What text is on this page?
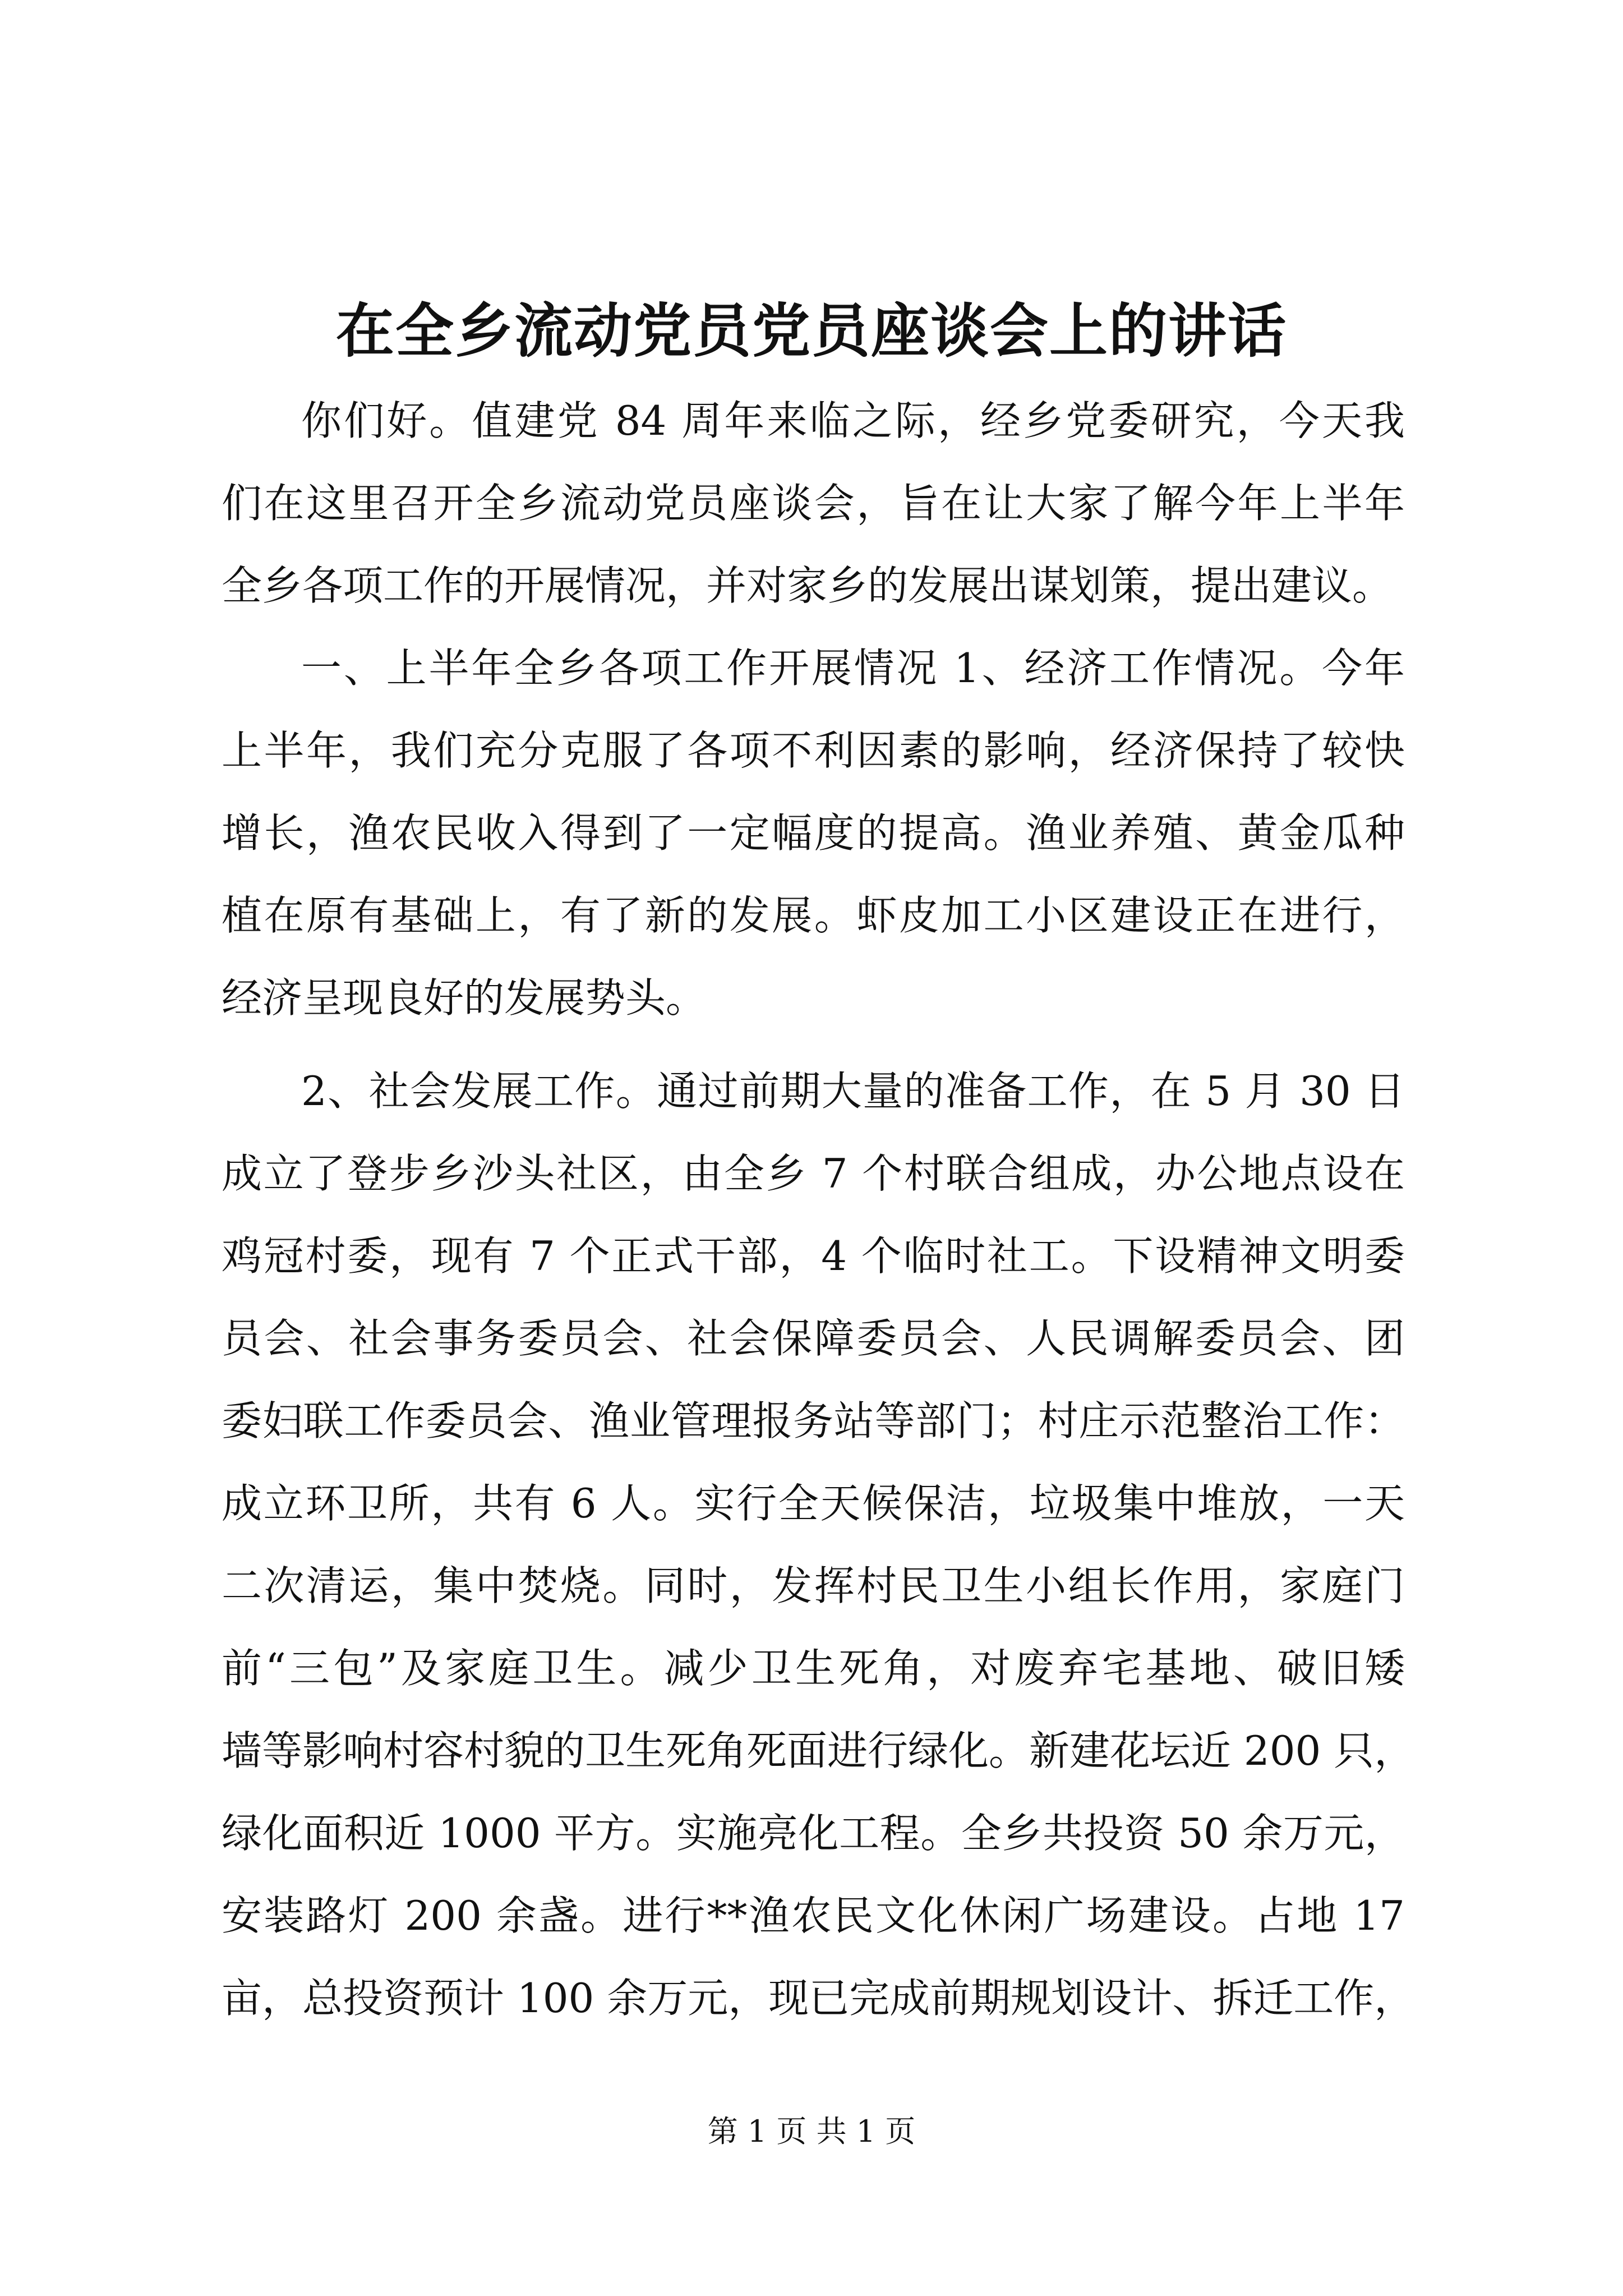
在全乡流动党员党员座谈会上的讲话
你们好。值建党 84 周年来临之际，经乡党委研究，今天我
们在这里召开全乡流动党员座谈会，旨在让大家了解今年上半年
全乡各项工作的开展情况，并对家乡的发展出谋划策，提出建议。
一、上半年全乡各项工作开展情况 1、经济工作情况。今年
上半年，我们充分克服了各项不利因素的影响，经济保持了较快
增长，渔农民收入得到了一定幅度的提高。渔业养殖、黄金瓜种
植在原有基础上，有了新的发展。虾皮加工小区建设正在进行，
经济呈现良好的发展势头。
2、社会发展工作。通过前期大量的准备工作，在 5 月 30 日
成立了登步乡沙头社区，由全乡 7 个村联合组成，办公地点设在
鸡冠村委，现有 7 个正式干部，4 个临时社工。下设精神文明委
员会、社会事务委员会、社会保障委员会、人民调解委员会、团
委妇联工作委员会、渔业管理报务站等部门；村庄示范整治工作：
成立环卫所，共有 6 人。实行全天候保洁，垃圾集中堆放，一天
二次清运，集中焚烧。同时，发挥村民卫生小组长作用，家庭门
前“三包”及家庭卫生。减少卫生死角，对废弃宅基地、破旧矮
墙等影响村容村貌的卫生死角死面进行绿化。新建花坛近 200 只，
绿化面积近 1000 平方。实施亮化工程。全乡共投资 50 余万元，
安装路灯 200 余盏。进行**渔农民文化休闲广场建设。占地 17
亩，总投资预计 100 余万元，现已完成前期规划设计、拆迁工作，
第 1 页 共 1 页
